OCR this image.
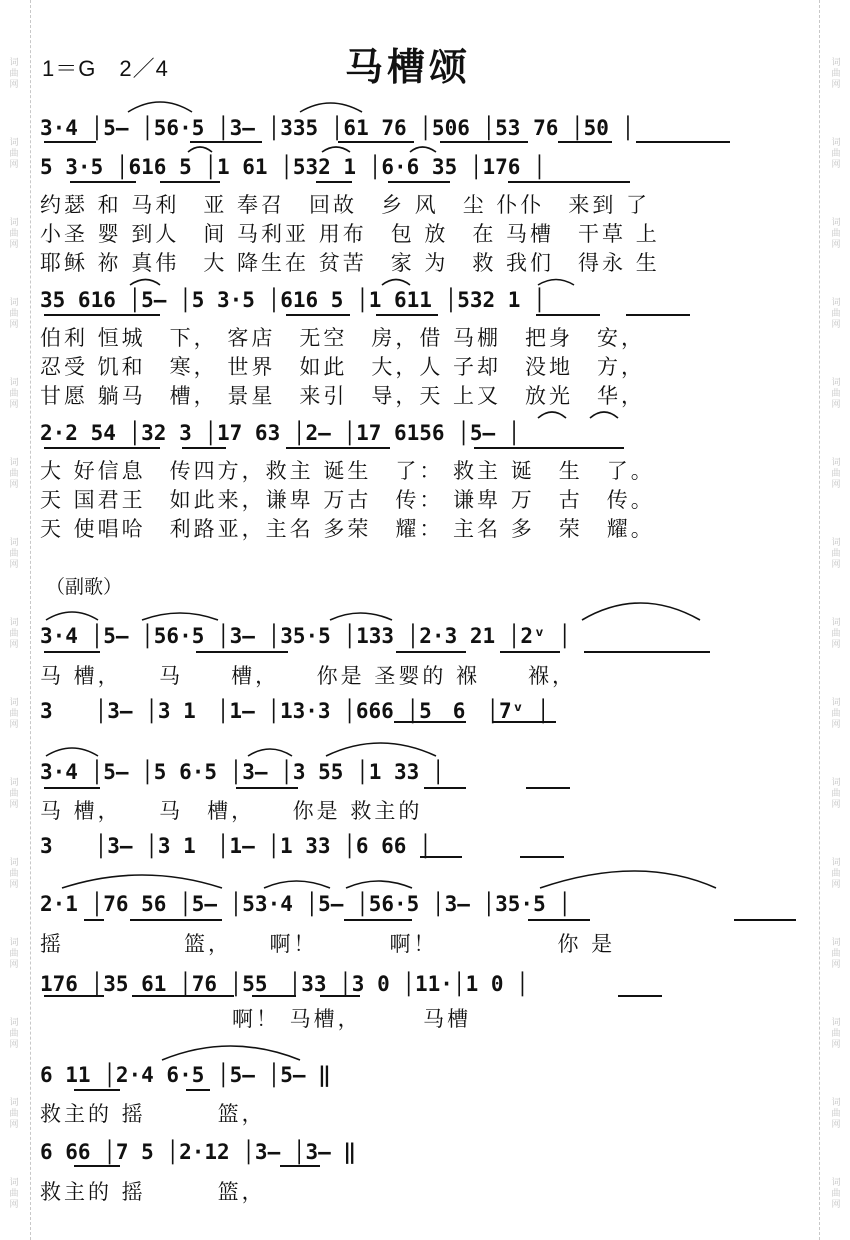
词
曲
网
词
曲
网
词
曲
网
词
曲
网
词
曲
网
词
曲
网
词
曲
网
词
曲
网
词
曲
网
词
曲
网
词
曲
网
词
曲
网
词
曲
网
词
曲
网
词
曲
网
词
曲
网
词
曲
网
词
曲
网
词
曲
网
词
曲
网
词
曲
网
词
曲
网
词
曲
网
词
曲
网
词
曲
网
词
曲
网
词
曲
网
词
曲
网
词
曲
网
词
曲
网
1＝G　2／4	马槽颂
3·4 │5— │56·5 │3— │335 │61 76 │506 │53 76 │50 │
5 3·5 │616 5 │1 61 │532 1 │6·6 35 │176 │
约瑟 和 马利　亚 奉召　回故　乡 风　尘 仆仆　来到 了
小圣 婴 到人　间 马利亚 用布　包 放　在 马槽　干草 上
耶稣 祢 真伟　大 降生在 贫苦　家 为　救 我们　得永 生
35 616 │5— │5 3·5 │616 5 │1 611 │532 1 │
伯利 恒城　下， 客店　无空　房，借 马棚　把身　安，
忍受 饥和　寒， 世界　如此　大，人 子却　没地　方，
甘愿 躺马　槽， 景星　来引　导，天 上又　放光　华，
2·2 54 │32 3 │17 63 │2— │17 6156 │5— │
大 好信息　传四方，救主 诞生　了： 救主 诞　生　了。
天 国君王　如此来，谦卑 万古　传： 谦卑 万　古　传。
天 使唱哈　利路亚，主名 多荣　耀： 主名 多　荣　耀。
（副歌）
3·4 │5— │56·5 │3— │35·5 │133 │2·3 21 │2ᵛ │
马 槽，　　马　　槽，　　你是 圣婴的 褓　　褓，
3　　│3— │3 1　│1— │13·3 │666 │5　6　│7ᵛ │
3·4 │5— │5 6·5 │3— │3 55 │1 33 │
马 槽，　　马　槽，　　你是 救主的
3　　│3— │3 1　│1— │1 33 │6 66 │
2·1 │76 56 │5— │53·4 │5— │56·5 │3— │35·5 │
摇　　　　　篮，　　啊！　　　啊！　　　　　你 是
176 │35 61 │76 │55　│33 │3 0 │11·│1 0 │
　　　　　　　　啊！ 马槽，　　　马槽
6 11 │2·4 6·5 │5— │5— ‖
救主的 摇　　　篮，
6 66 │7 5 │2·12 │3— │3— ‖
救主的 摇　　　篮，
